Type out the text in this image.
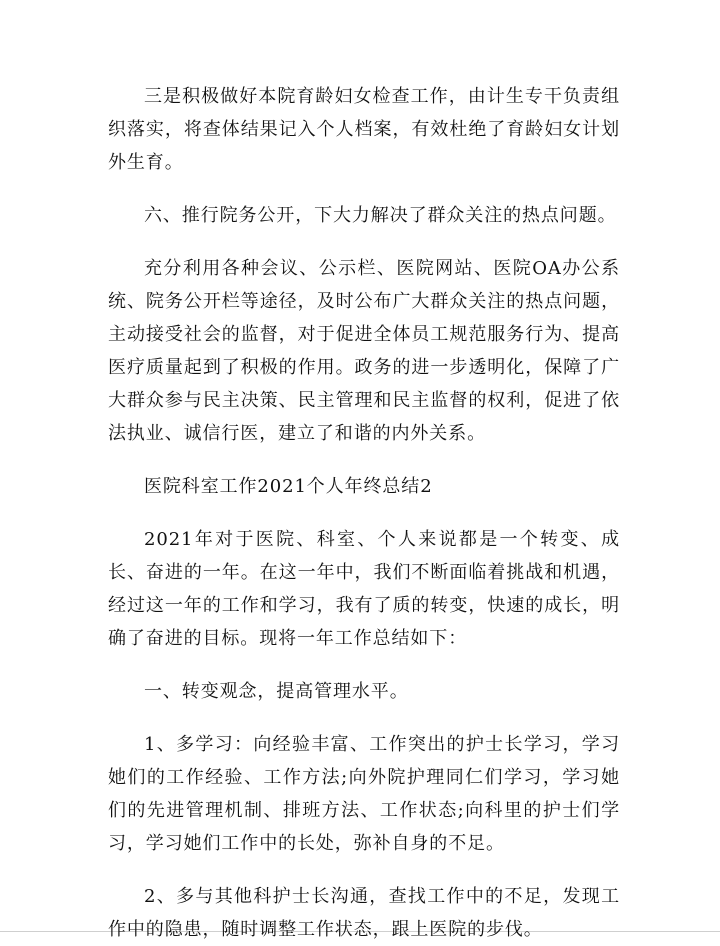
三是积极做好本院育龄妇女检查工作，由计生专干负责组织落实，将查体结果记入个人档案，有效杜绝了育龄妇女计划外生育。

六、推行院务公开，下大力解决了群众关注的热点问题。

充分利用各种会议、公示栏、医院网站、医院OA办公系统、院务公开栏等途径，及时公布广大群众关注的热点问题，主动接受社会的监督，对于促进全体员工规范服务行为、提高医疗质量起到了积极的作用。政务的进一步透明化，保障了广大群众参与民主决策、民主管理和民主监督的权利，促进了依法执业、诚信行医，建立了和谐的内外关系。

医院科室工作2021个人年终总结2

2021年对于医院、科室、个人来说都是一个转变、成长、奋进的一年。在这一年中，我们不断面临着挑战和机遇，经过这一年的工作和学习，我有了质的转变，快速的成长，明确了奋进的目标。现将一年工作总结如下：

一、转变观念，提高管理水平。

1、多学习：向经验丰富、工作突出的护士长学习，学习她们的工作经验、工作方法;向外院护理同仁们学习，学习她们的先进管理机制、排班方法、工作状态;向科里的护士们学习，学习她们工作中的长处，弥补自身的不足。

2、多与其他科护士长沟通，查找工作中的不足，发现工作中的隐患，随时调整工作状态，跟上医院的步伐。
